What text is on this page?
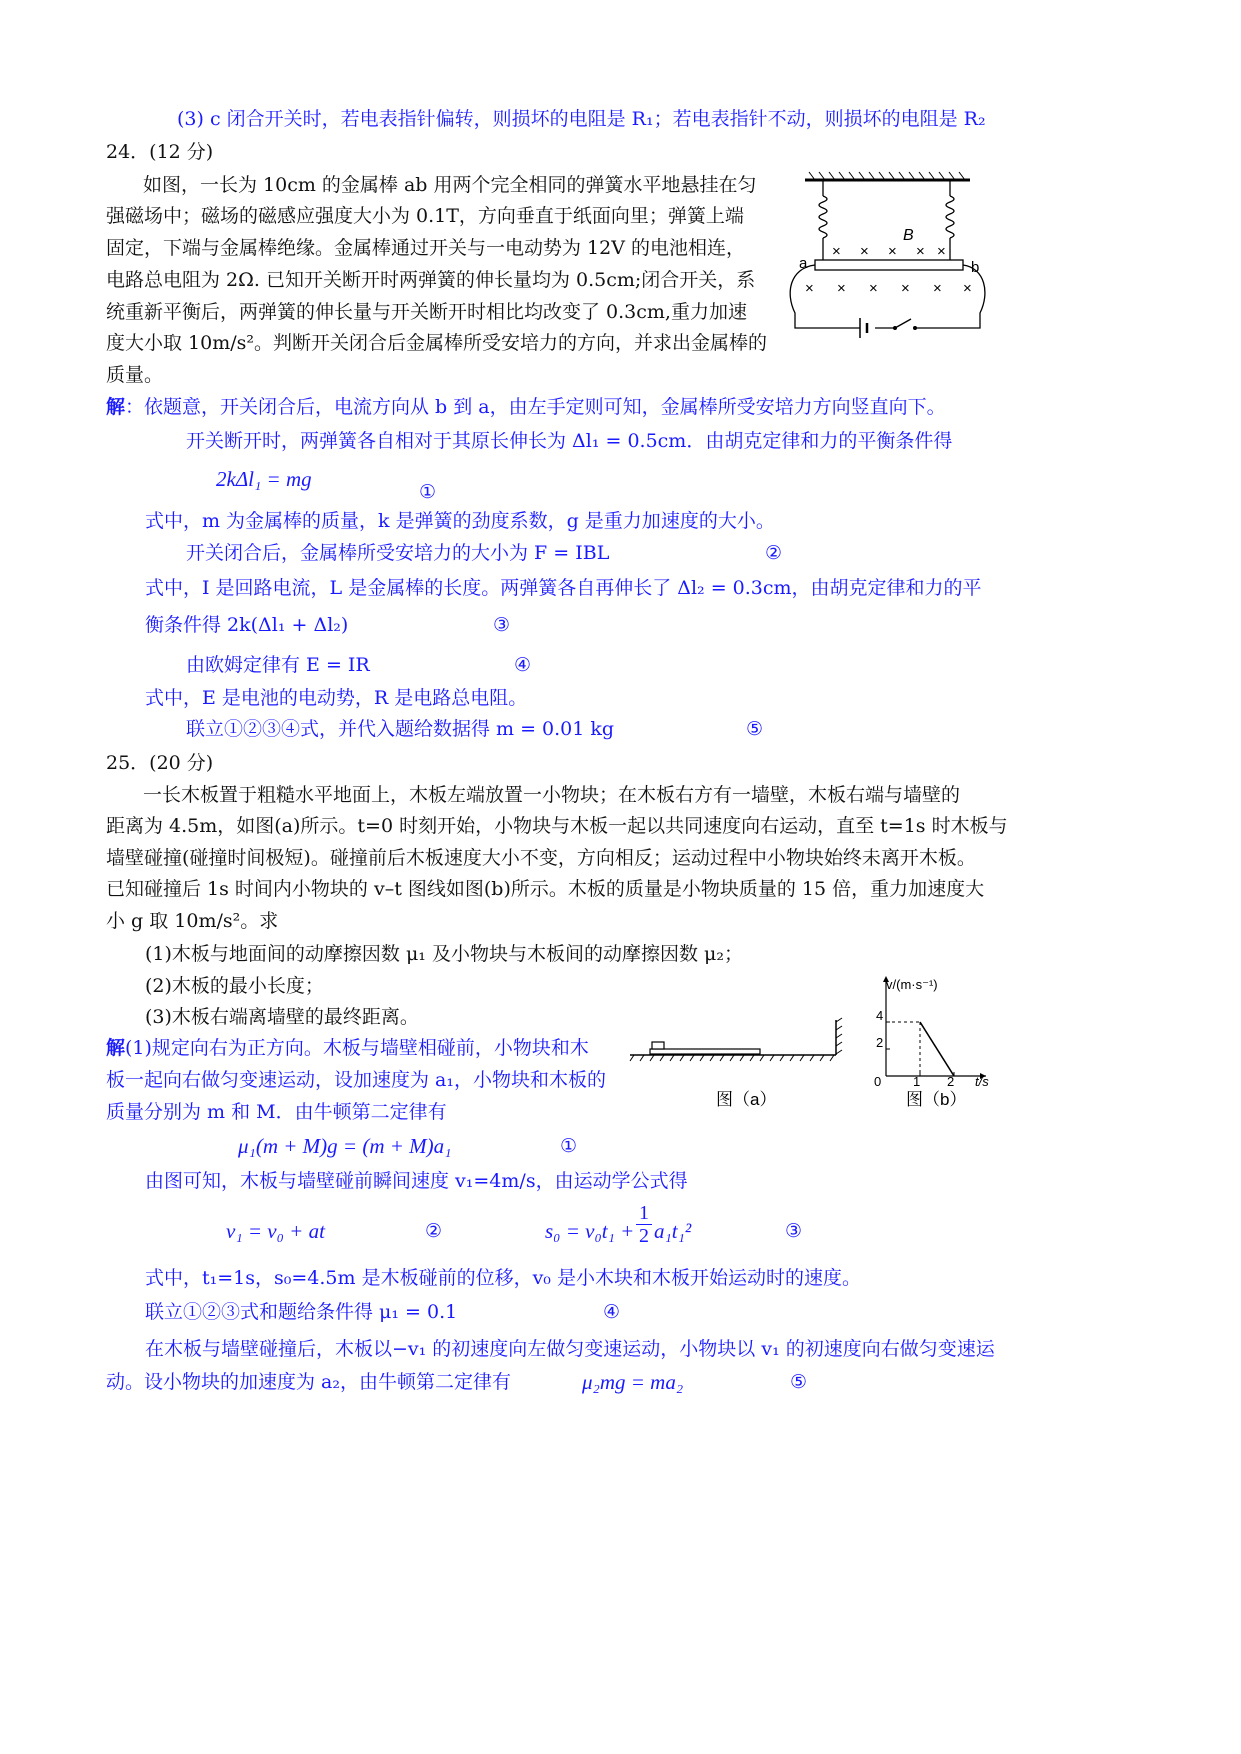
(3) c 闭合开关时，若电表指针偏转，则损坏的电阻是 R₁；若电表指针不动，则损坏的电阻是 R₂
24．(12 分)
如图，一长为 10cm 的金属棒 ab 用两个完全相同的弹簧水平地悬挂在匀
强磁场中；磁场的磁感应强度大小为 0.1T，方向垂直于纸面向里；弹簧上端
固定，下端与金属棒绝缘。金属棒通过开关与一电动势为 12V 的电池相连，
电路总电阻为 2Ω. 已知开关断开时两弹簧的伸长量均为 0.5cm;闭合开关，系
统重新平衡后，两弹簧的伸长量与开关断开时相比均改变了 0.3cm,重力加速
度大小取 10m/s²。判断开关闭合后金属棒所受安培力的方向，并求出金属棒的
质量。
× × × × ×
× × × × × ×
B
a	b
解：依题意，开关闭合后，电流方向从 b 到 a，由左手定则可知，金属棒所受安培力方向竖直向下。
开关断开时，两弹簧各自相对于其原长伸长为 Δl₁ = 0.5cm．由胡克定律和力的平衡条件得
2kΔl₁ = mg
①
式中，m 为金属棒的质量，k 是弹簧的劲度系数，g 是重力加速度的大小。
开关闭合后，金属棒所受安培力的大小为 F = IBL	②
式中，I 是回路电流，L 是金属棒的长度。两弹簧各自再伸长了 Δl₂ = 0.3cm，由胡克定律和力的平
衡条件得 2k(Δl₁ + Δl₂)	③
由欧姆定律有 E = IR	④
式中，E 是电池的电动势，R 是电路总电阻。
联立①②③④式，并代入题给数据得 m = 0.01 kg	⑤
25．(20 分)
一长木板置于粗糙水平地面上，木板左端放置一小物块；在木板右方有一墙壁，木板右端与墙壁的
距离为 4.5m，如图(a)所示。t=0 时刻开始，小物块与木板一起以共同速度向右运动，直至 t=1s 时木板与
墙壁碰撞(碰撞时间极短)。碰撞前后木板速度大小不变，方向相反；运动过程中小物块始终未离开木板。
已知碰撞后 1s 时间内小物块的 v–t 图线如图(b)所示。木板的质量是小物块质量的 15 倍，重力加速度大
小 g 取 10m/s²。求
(1)木板与地面间的动摩擦因数 μ₁ 及小物块与木板间的动摩擦因数 μ₂；
(2)木板的最小长度；
(3)木板右端离墙壁的最终距离。
图（a）
v/(m·s⁻¹)
t/s
4
2
0 1 2
图（b）
解(1)规定向右为正方向。木板与墙壁相碰前，小物块和木
板一起向右做匀变速运动，设加速度为 a₁，小物块和木板的
质量分别为 m 和 M．由牛顿第二定律有
μ₁(m + M)g = (m + M)a₁	①
由图可知，木板与墙壁碰前瞬间速度 v₁=4m/s，由运动学公式得
v₁ = v₀ + at	②	s₀ = v₀t₁ +
1
2 a₁t₁²	③
式中，t₁=1s，s₀=4.5m 是木板碰前的位移，v₀ 是小木块和木板开始运动时的速度。
联立①②③式和题给条件得 μ₁ = 0.1	④
在木板与墙壁碰撞后，木板以−v₁ 的初速度向左做匀变速运动，小物块以 v₁ 的初速度向右做匀变速运
动。设小物块的加速度为 a₂，由牛顿第二定律有	μ₂mg = ma₂	⑤
